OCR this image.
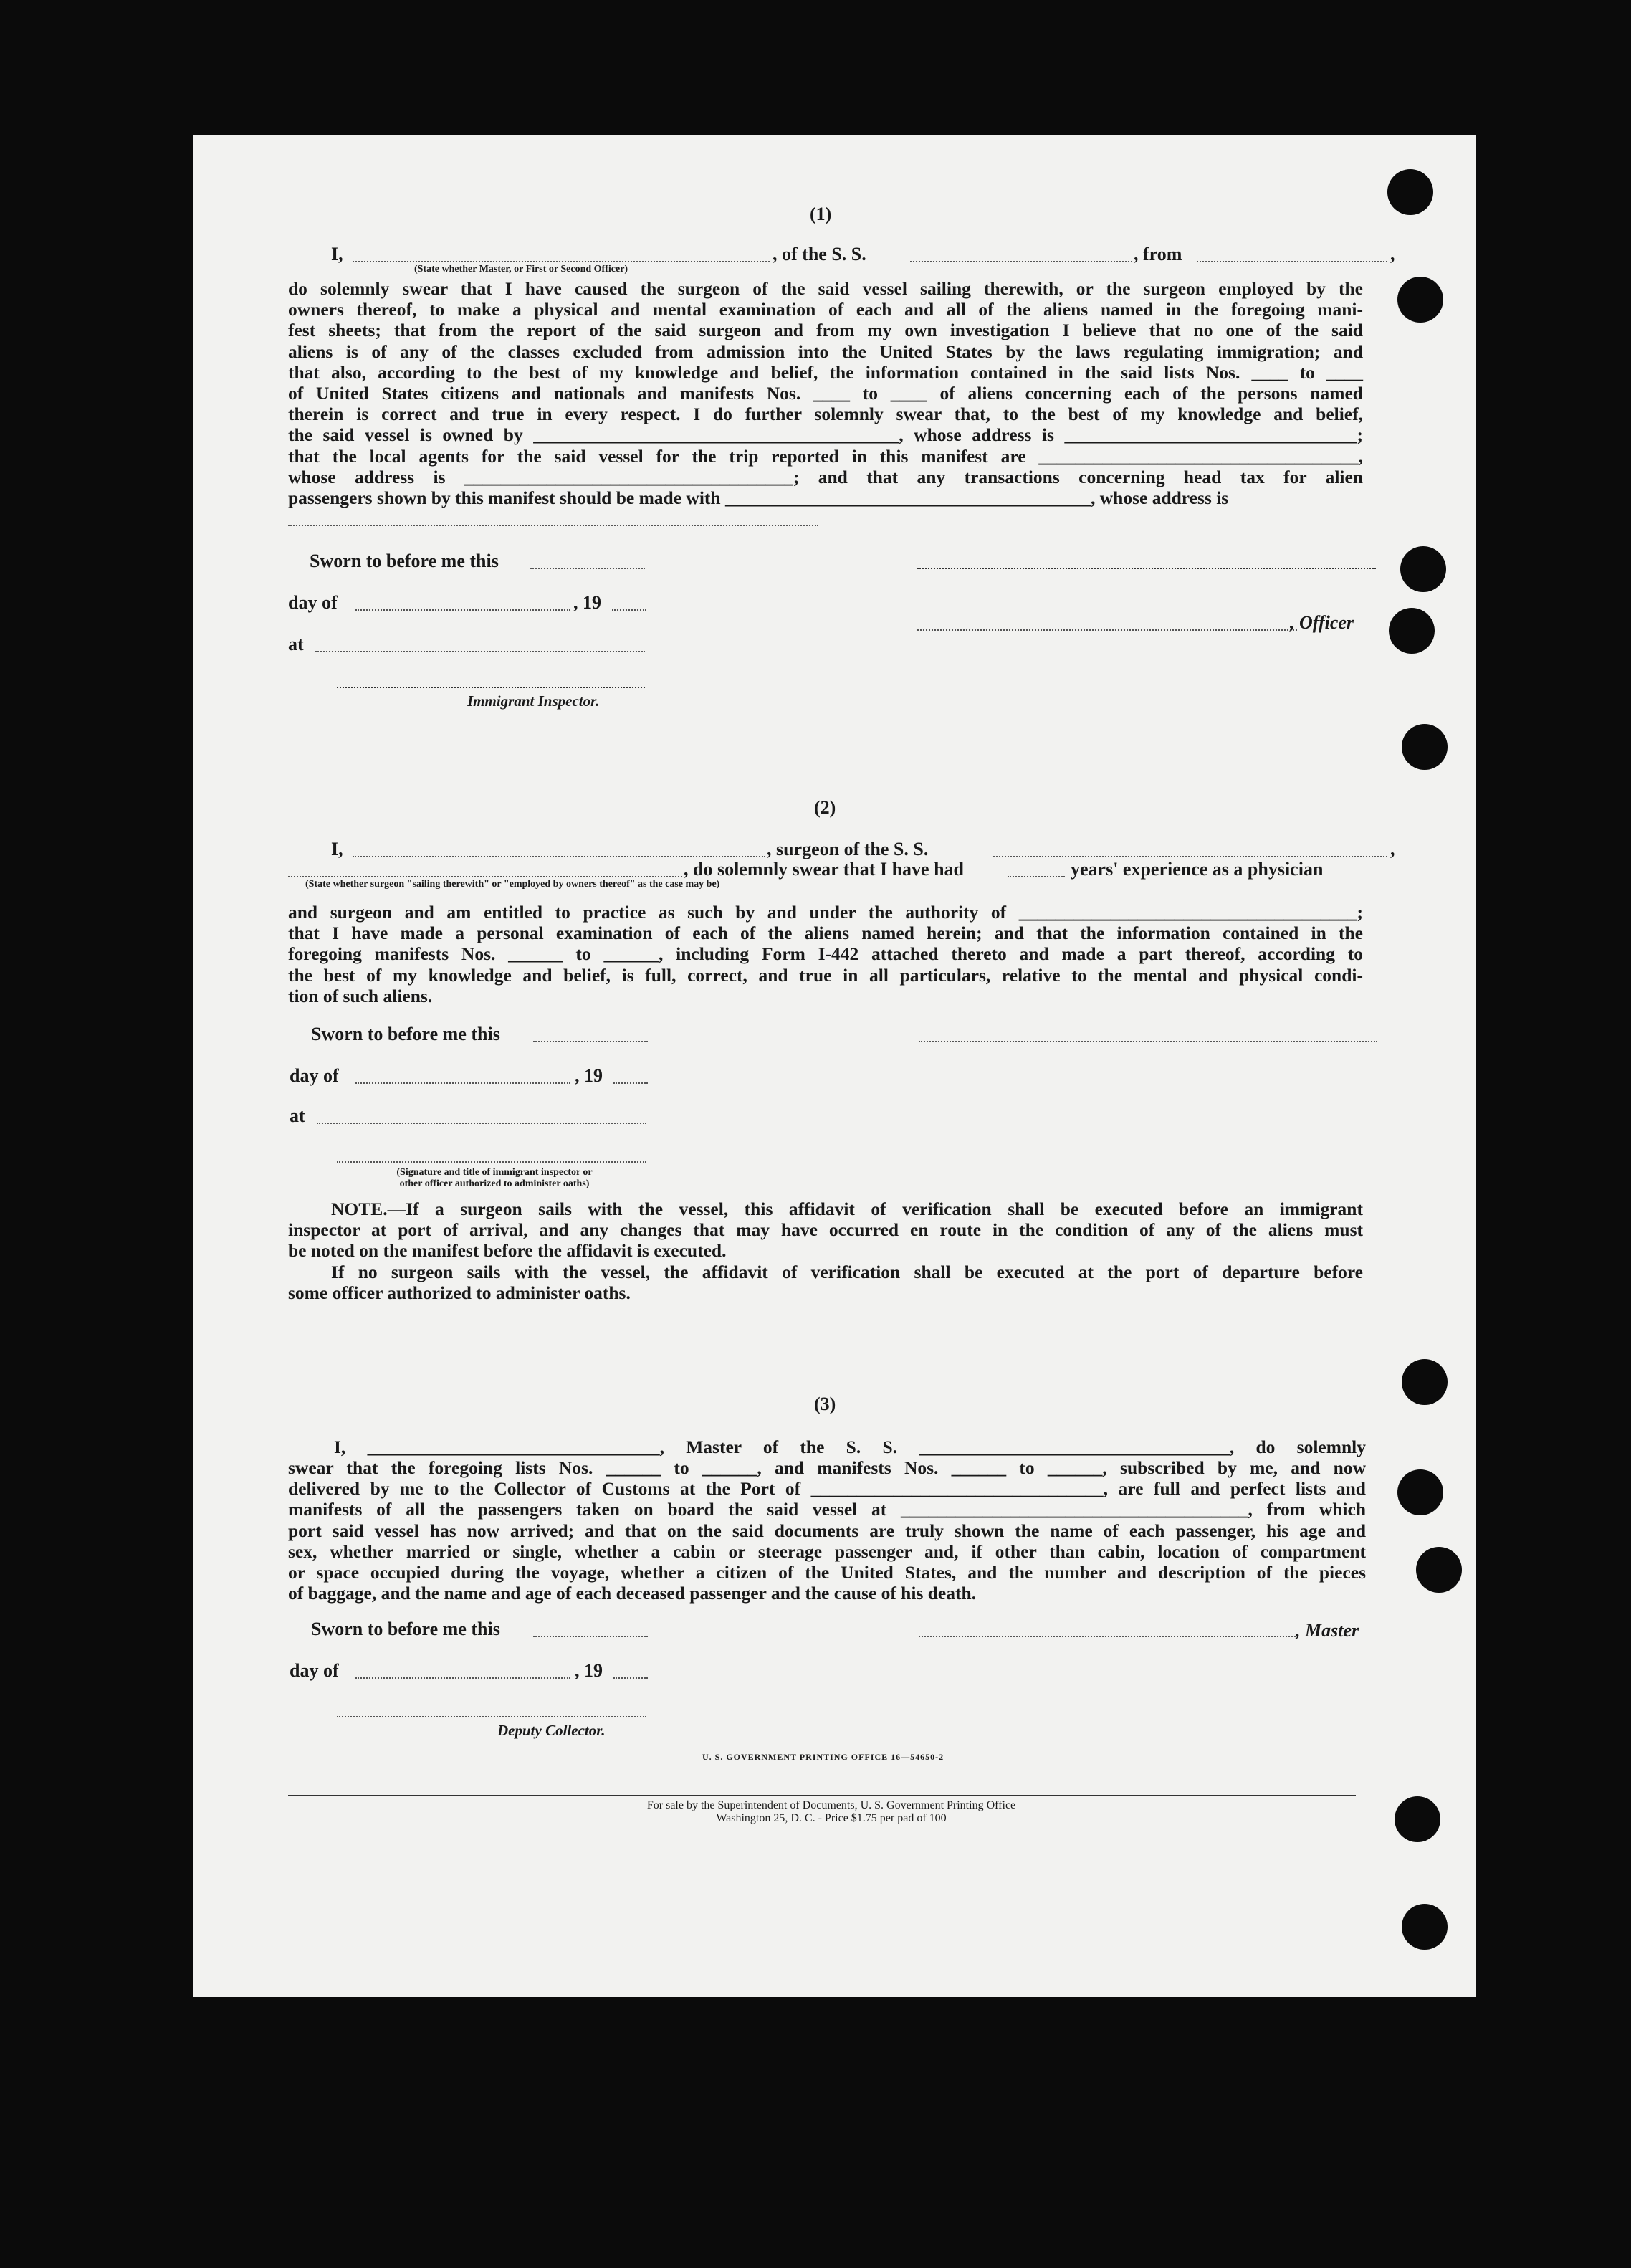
(1)
I,	, of the S. S.	, from	,
(State whether Master, or First or Second Officer)
do solemnly swear that I have caused the surgeon of the said vessel sailing therewith, or the surgeon employed by the
owners thereof, to make a physical and mental examination of each and all of the aliens named in the foregoing mani-
fest sheets; that from the report of the said surgeon and from my own investigation I believe that no one of the said
aliens is of any of the classes excluded from admission into the United States by the laws regulating immigration; and
that also, according to the best of my knowledge and belief, the information contained in the said lists Nos. ____ to ____
of United States citizens and nationals and manifests Nos. ____ to ____ of aliens concerning each of the persons named
therein is correct and true in every respect. I do further solemnly swear that, to the best of my knowledge and belief,
the said vessel is owned by ________________________________________, whose address is ________________________________;
that the local agents for the said vessel for the trip reported in this manifest are ___________________________________,
whose address is ____________________________________; and that any transactions concerning head tax for alien
passengers shown by this manifest should be made with ________________________________________, whose address is
Sworn to before me this
day of	, 19
at
, Officer
Immigrant Inspector.
(2)
I,	, surgeon of the S. S.	,
, do solemnly swear that I have had	years' experience as a physician
(State whether surgeon "sailing therewith" or "employed by owners thereof" as the case may be)
and surgeon and am entitled to practice as such by and under the authority of _____________________________________;
that I have made a personal examination of each of the aliens named herein; and that the information contained in the
foregoing manifests Nos. ______ to ______, including Form I-442 attached thereto and made a part thereof, according to
the best of my knowledge and belief, is full, correct, and true in all particulars, relative to the mental and physical condi-
tion of such aliens.
Sworn to before me this
day of	, 19
at
(Signature and title of immigrant inspector or
other officer authorized to administer oaths)
NOTE.—If a surgeon sails with the vessel, this affidavit of verification shall be executed before an immigrant
inspector at port of arrival, and any changes that may have occurred en route in the condition of any of the aliens must
be noted on the manifest before the affidavit is executed.
If no surgeon sails with the vessel, the affidavit of verification shall be executed at the port of departure before
some officer authorized to administer oaths.
(3)
I, ________________________________, Master of the S. S. __________________________________, do solemnly
swear that the foregoing lists Nos. ______ to ______, and manifests Nos. ______ to ______, subscribed by me, and now
delivered by me to the Collector of Customs at the Port of ________________________________, are full and perfect lists and
manifests of all the passengers taken on board the said vessel at ______________________________________, from which
port said vessel has now arrived; and that on the said documents are truly shown the name of each passenger, his age and
sex, whether married or single, whether a cabin or steerage passenger and, if other than cabin, location of compartment
or space occupied during the voyage, whether a citizen of the United States, and the number and description of the pieces
of baggage, and the name and age of each deceased passenger and the cause of his death.
Sworn to before me this	, Master
day of	, 19
Deputy Collector.
U. S. GOVERNMENT PRINTING OFFICE 16—54650-2
For sale by the Superintendent of Documents, U. S. Government Printing Office
Washington 25, D. C. - Price $1.75 per pad of 100
